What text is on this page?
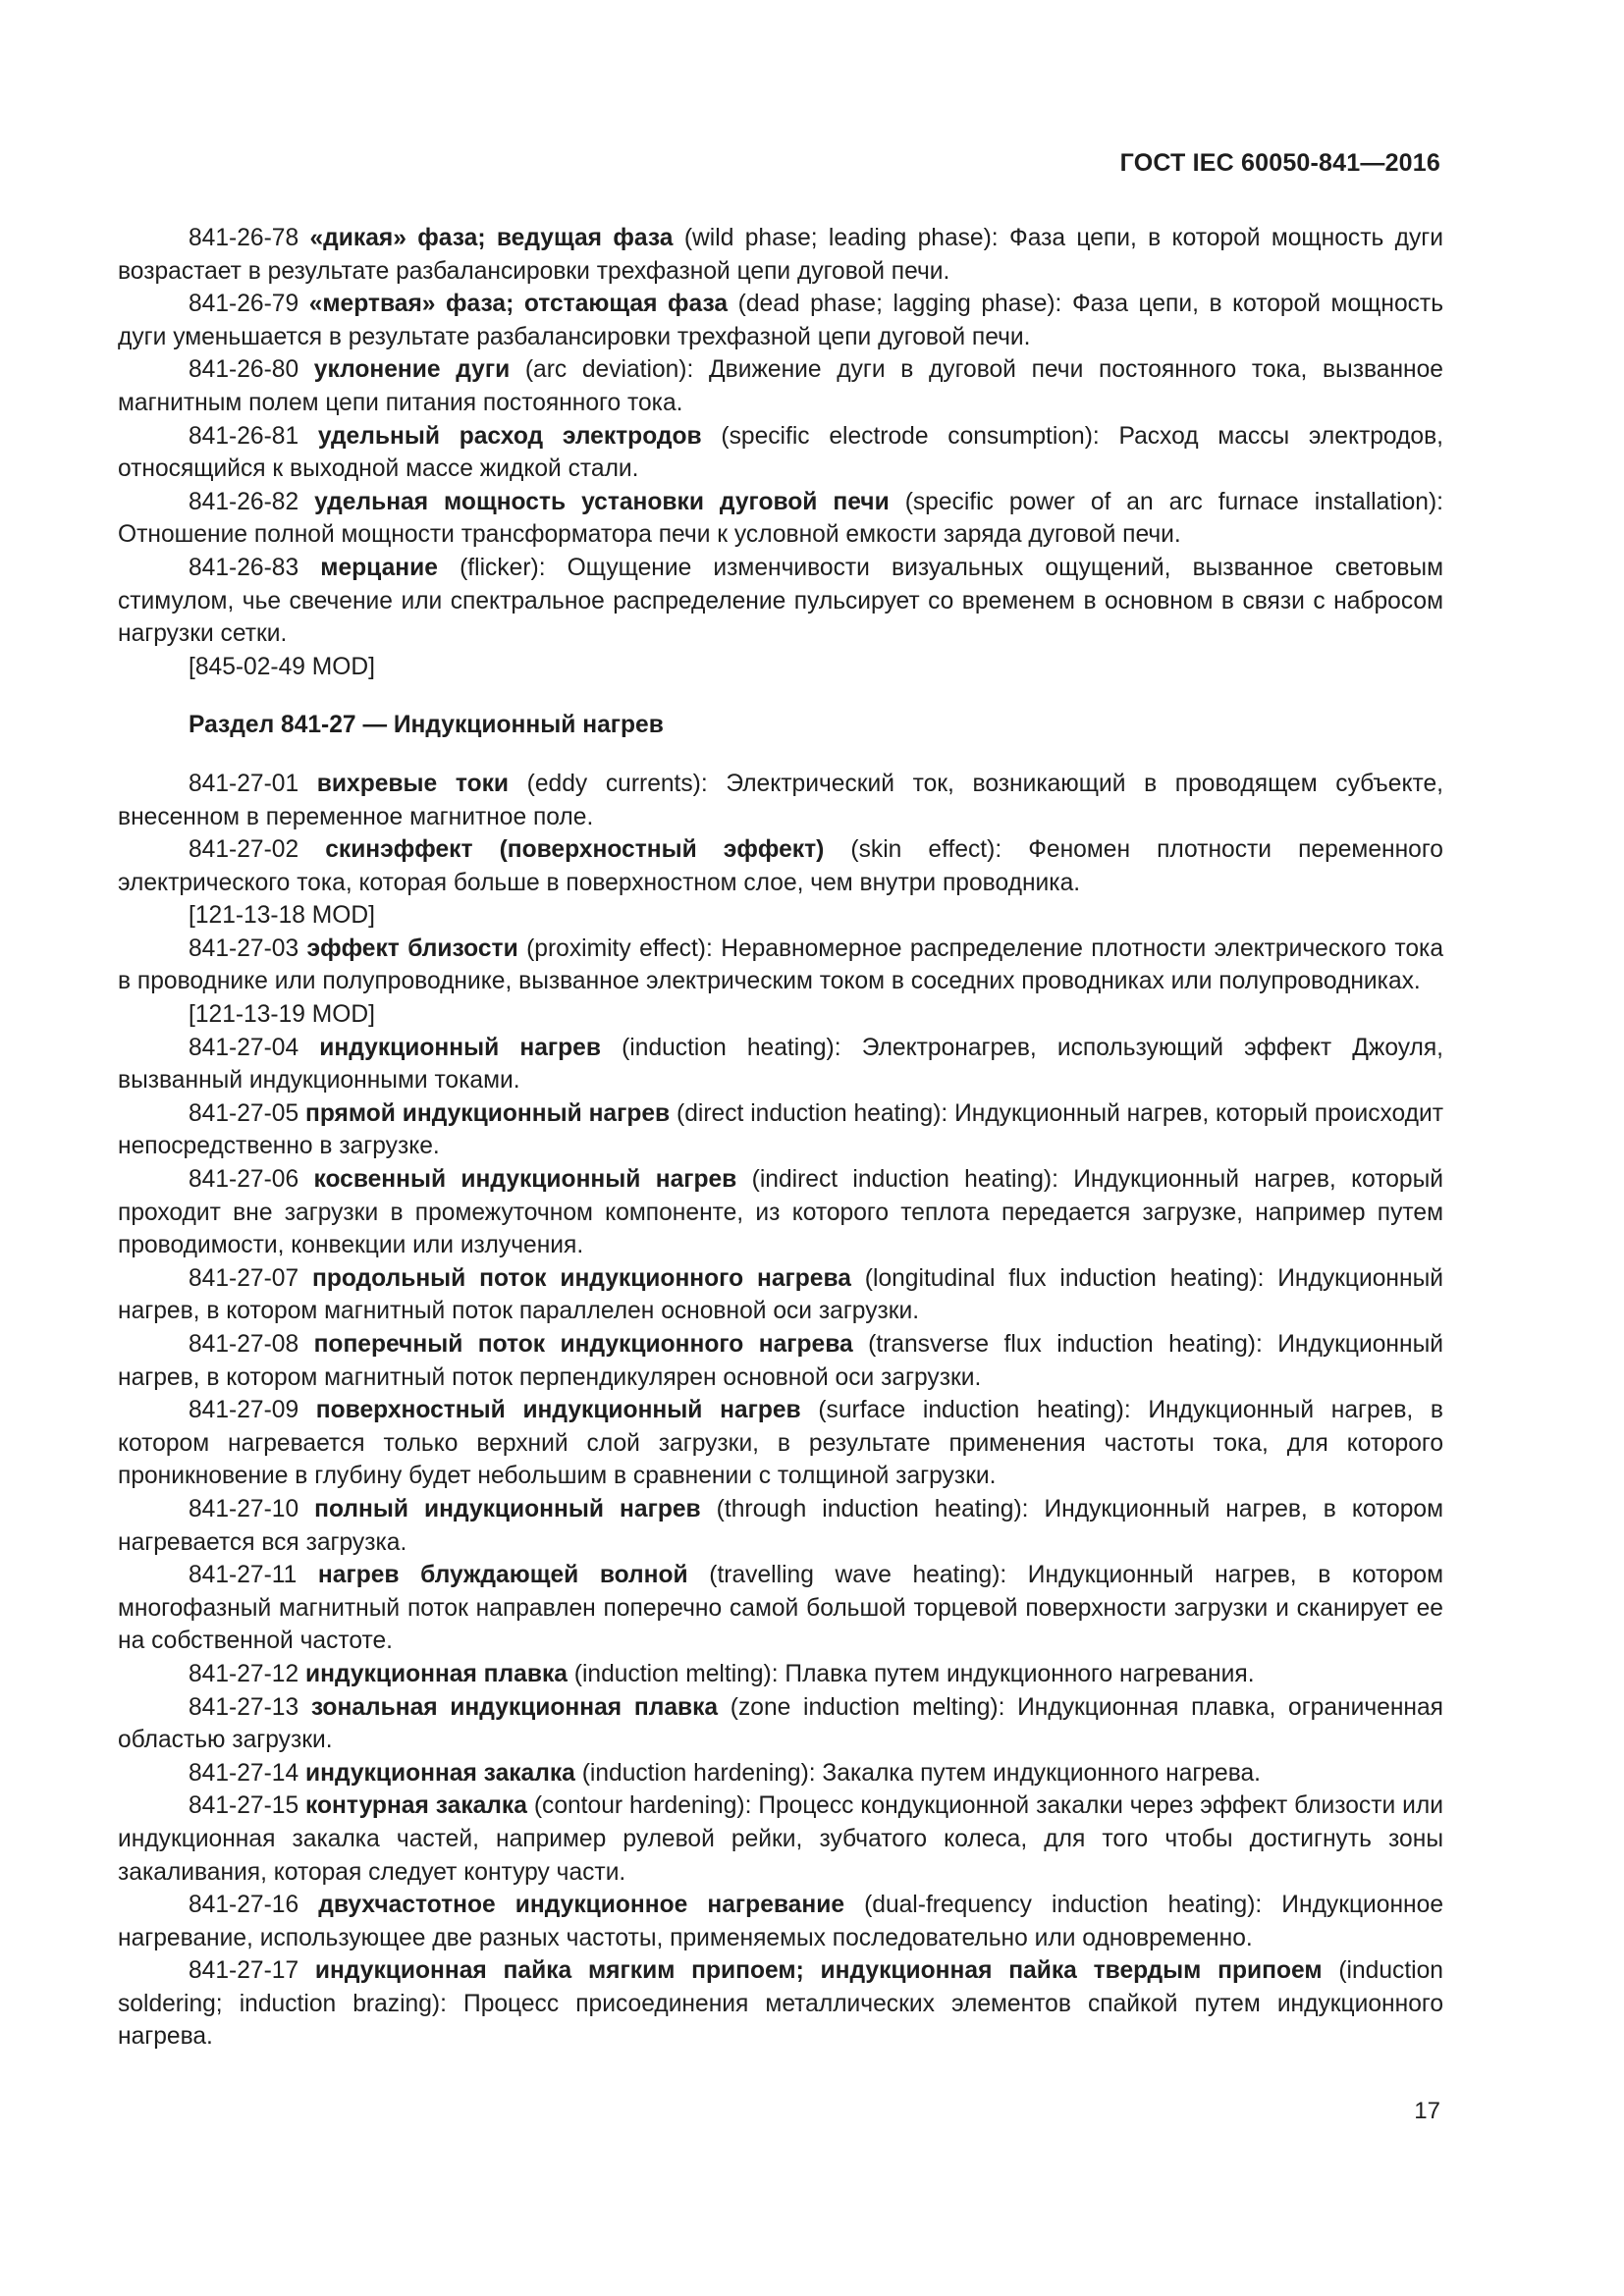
ГОСТ IEC 60050-841—2016

841-26-78 «дикая» фаза; ведущая фаза (wild phase; leading phase): Фаза цепи, в которой мощность дуги возрастает в результате разбалансировки трехфазной цепи дуговой печи.

841-26-79 «мертвая» фаза; отстающая фаза (dead phase; lagging phase): Фаза цепи, в которой мощность дуги уменьшается в результате разбалансировки трехфазной цепи дуговой печи.

841-26-80 уклонение дуги (arc deviation): Движение дуги в дуговой печи постоянного тока, вызванное магнитным полем цепи питания постоянного тока.

841-26-81 удельный расход электродов (specific electrode consumption): Расход массы электродов, относящийся к выходной массе жидкой стали.

841-26-82 удельная мощность установки дуговой печи (specific power of an arc furnace installation): Отношение полной мощности трансформатора печи к условной емкости заряда дуговой печи.

841-26-83 мерцание (flicker): Ощущение изменчивости визуальных ощущений, вызванное световым стимулом, чье свечение или спектральное распределение пульсирует со временем в основном в связи с набросом нагрузки сетки.

[845-02-49 MOD]

Раздел 841-27 — Индукционный нагрев

841-27-01 вихревые токи (eddy currents): Электрический ток, возникающий в проводящем субъекте, внесенном в переменное магнитное поле.

841-27-02 скинэффект (поверхностный эффект) (skin effect): Феномен плотности переменного электрического тока, которая больше в поверхностном слое, чем внутри проводника.

[121-13-18 MOD]

841-27-03 эффект близости (proximity effect): Неравномерное распределение плотности электрического тока в проводнике или полупроводнике, вызванное электрическим током в соседних проводниках или полупроводниках.

[121-13-19 MOD]

841-27-04 индукционный нагрев (induction heating): Электронагрев, использующий эффект Джоуля, вызванный индукционными токами.

841-27-05 прямой индукционный нагрев (direct induction heating): Индукционный нагрев, который происходит непосредственно в загрузке.

841-27-06 косвенный индукционный нагрев (indirect induction heating): Индукционный нагрев, который проходит вне загрузки в промежуточном компоненте, из которого теплота передается загрузке, например путем проводимости, конвекции или излучения.

841-27-07 продольный поток индукционного нагрева (longitudinal flux induction heating): Индукционный нагрев, в котором магнитный поток параллелен основной оси загрузки.

841-27-08 поперечный поток индукционного нагрева (transverse flux induction heating): Индукционный нагрев, в котором магнитный поток перпендикулярен основной оси загрузки.

841-27-09 поверхностный индукционный нагрев (surface induction heating): Индукционный нагрев, в котором нагревается только верхний слой загрузки, в результате применения частоты тока, для которого проникновение в глубину будет небольшим в сравнении с толщиной загрузки.

841-27-10 полный индукционный нагрев (through induction heating): Индукционный нагрев, в котором нагревается вся загрузка.

841-27-11 нагрев блуждающей волной (travelling wave heating): Индукционный нагрев, в котором многофазный магнитный поток направлен поперечно самой большой торцевой поверхности загрузки и сканирует ее на собственной частоте.

841-27-12 индукционная плавка (induction melting): Плавка путем индукционного нагревания.

841-27-13 зональная индукционная плавка (zone induction melting): Индукционная плавка, ограниченная областью загрузки.

841-27-14 индукционная закалка (induction hardening): Закалка путем индукционного нагрева.

841-27-15 контурная закалка (contour hardening): Процесс кондукционной закалки через эффект близости или индукционная закалка частей, например рулевой рейки, зубчатого колеса, для того чтобы достигнуть зоны закаливания, которая следует контуру части.

841-27-16 двухчастотное индукционное нагревание (dual-frequency induction heating): Индукционное нагревание, использующее две разных частоты, применяемых последовательно или одновременно.

841-27-17 индукционная пайка мягким припоем; индукционная пайка твердым припоем (induction soldering; induction brazing): Процесс присоединения металлических элементов спайкой путем индукционного нагрева.

17
